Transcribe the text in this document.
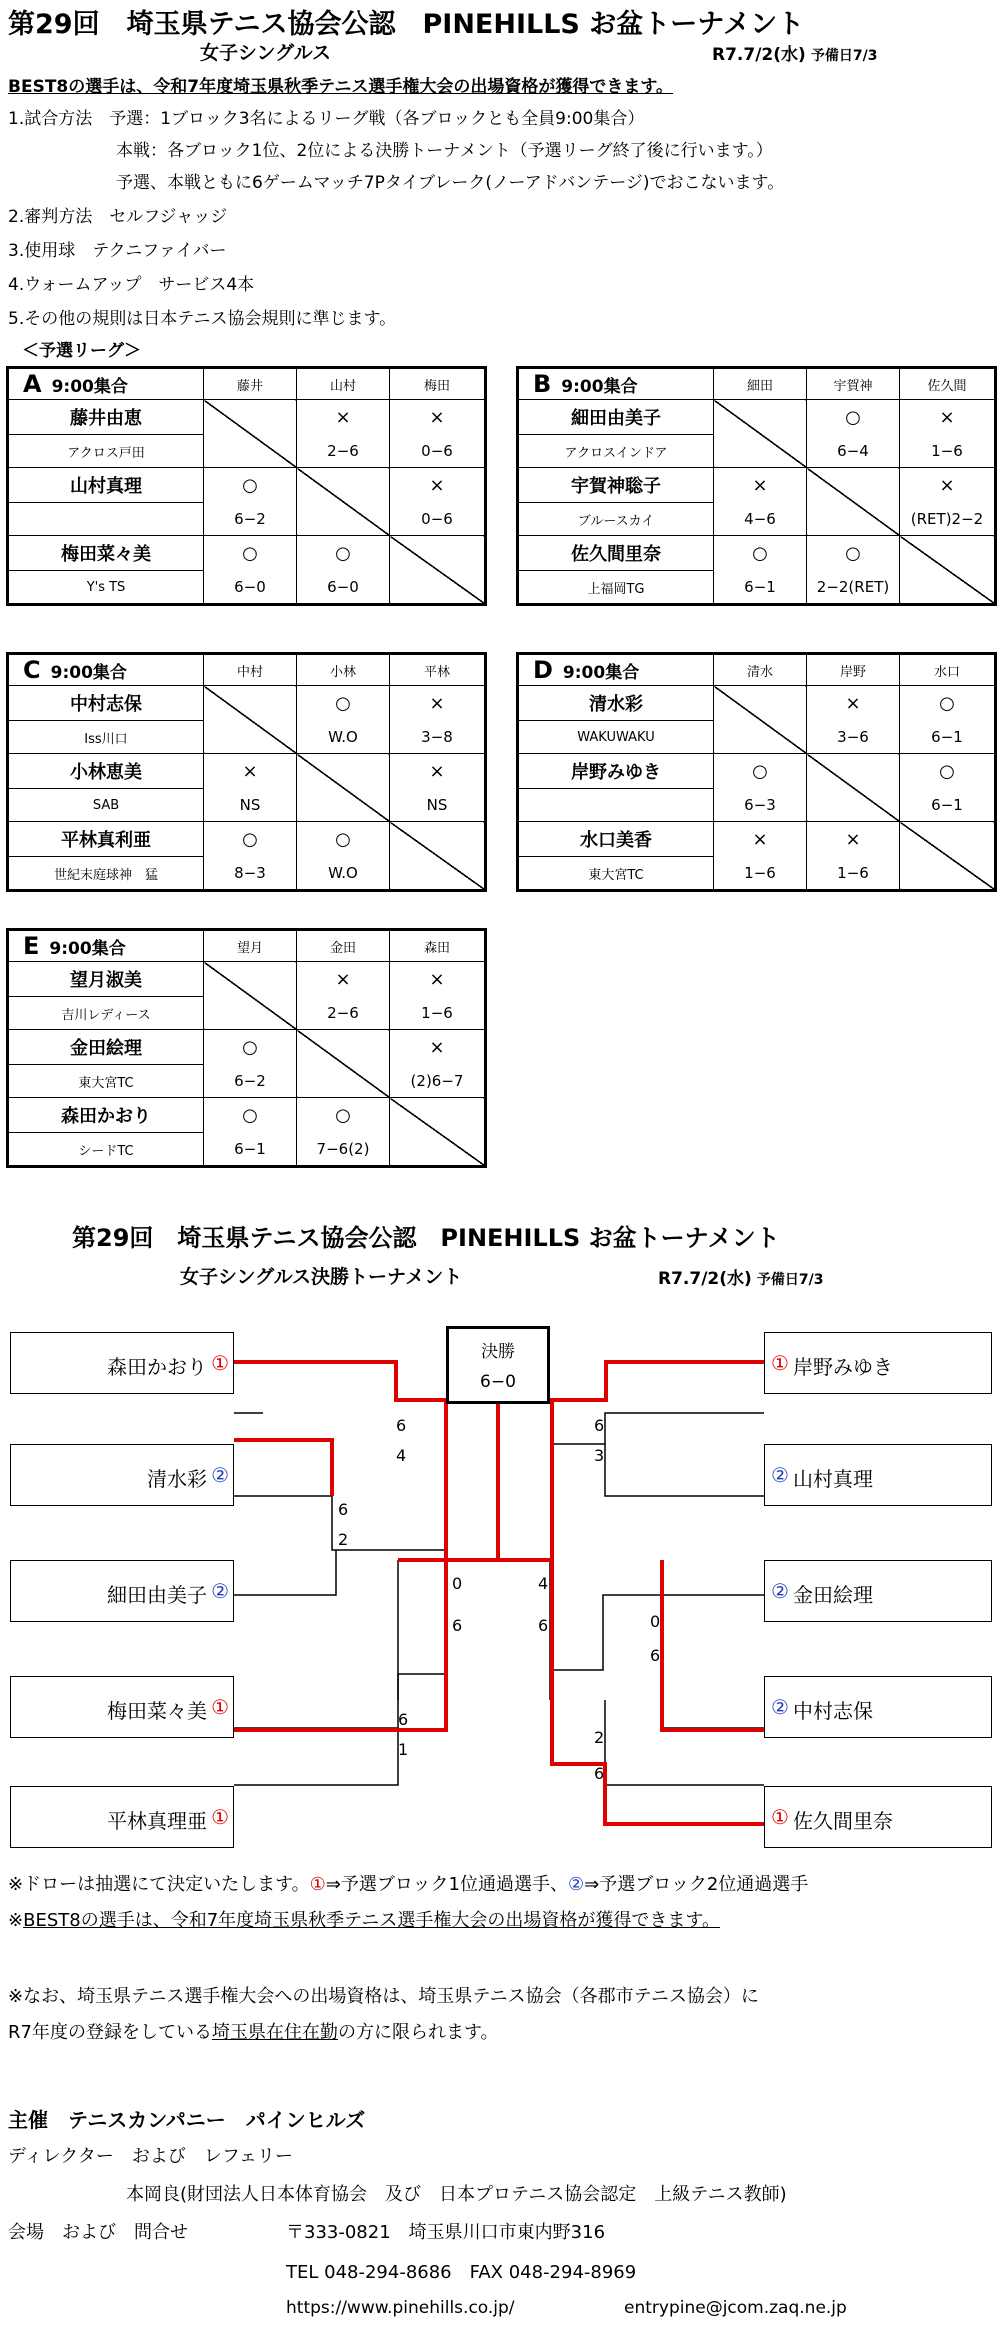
第29回　埼玉県テニス協会公認　PINEHILLS お盆トーナメント
女子シングルス	R7.7/2(水) 予備日7/3
BEST8の選手は、令和7年度埼玉県秋季テニス選手権大会の出場資格が獲得できます。
1.試合方法　予選：1ブロック3名によるリーグ戦（各ブロックとも全員9:00集合）
本戦：各ブロック1位、2位による決勝トーナメント（予選リーグ終了後に行います。）
予選、本戦ともに6ゲームマッチ7Pタイブレーク(ノーアドバンテージ)でおこないます。
2.審判方法　セルフジャッジ
3.使用球　テクニファイバー
4.ウォームアップ　サービス4本
5.その他の規則は日本テニス協会規則に準じます。
＜予選リーグ＞
A 9:00集合	藤井	山村	梅田
藤井由恵		×	×
アクロス戸田		2−6	0−6
山村真理	○		×
	6−2		0−6
梅田菜々美	○	○	
Y's TS	6−0	6−0	
B 9:00集合	細田	宇賀神	佐久間
細田由美子		○	×
アクロスインドア		6−4	1−6
宇賀神聡子	×		×
ブルースカイ	4−6		(RET)2−2
佐久間里奈	○	○	
上福岡TG	6−1	2−2(RET)	
C 9:00集合	中村	小林	平林
中村志保		○	×
Iss川口		W.O	3−8
小林恵美	×		×
SAB	NS		NS
平林真利亜	○	○	
世紀末庭球神　猛	8−3	W.O	
D 9:00集合	清水	岸野	水口
清水彩		×	○
WAKUWAKU		3−6	6−1
岸野みゆき	○		○
	6−3		6−1
水口美香	×	×	
東大宮TC	1−6	1−6	
E 9:00集合	望月	金田	森田
望月淑美		×	×
吉川レディース		2−6	1−6
金田絵理	○		×
東大宮TC	6−2		(2)6−7
森田かおり	○	○	
シードTC	6−1	7−6(2)	
第29回　埼玉県テニス協会公認　PINEHILLS お盆トーナメント
女子シングルス決勝トーナメント	R7.7/2(水) 予備日7/3
決勝
6−0
森田かおり ①
清水彩 ②
細田由美子 ②
梅田菜々美 ①
平林真理亜 ①
① 岸野みゆき
② 山村真理
② 金田絵理
② 中村志保
① 佐久間里奈
6
4
6
2
6
1
0
6
6
3
0
6
2
6
4
6
※ドローは抽選にて決定いたします。①⇒予選ブロック1位通過選手、②⇒予選ブロック2位通過選手
※BEST8の選手は、令和7年度埼玉県秋季テニス選手権大会の出場資格が獲得できます。
※なお、埼玉県テニス選手権大会への出場資格は、埼玉県テニス協会（各郡市テニス協会）に
R7年度の登録をしている埼玉県在住在勤の方に限られます。
主催　テニスカンパニー　パインヒルズ
ディレクター　および　レフェリー
本岡良(財団法人日本体育協会　及び　日本プロテニス協会認定　上級テニス教師)
会場　および　問合せ	〒333-0821　埼玉県川口市東内野316
TEL 048-294-8686　FAX 048-294-8969
https://www.pinehills.co.jp/	entrypine@jcom.zaq.ne.jp
